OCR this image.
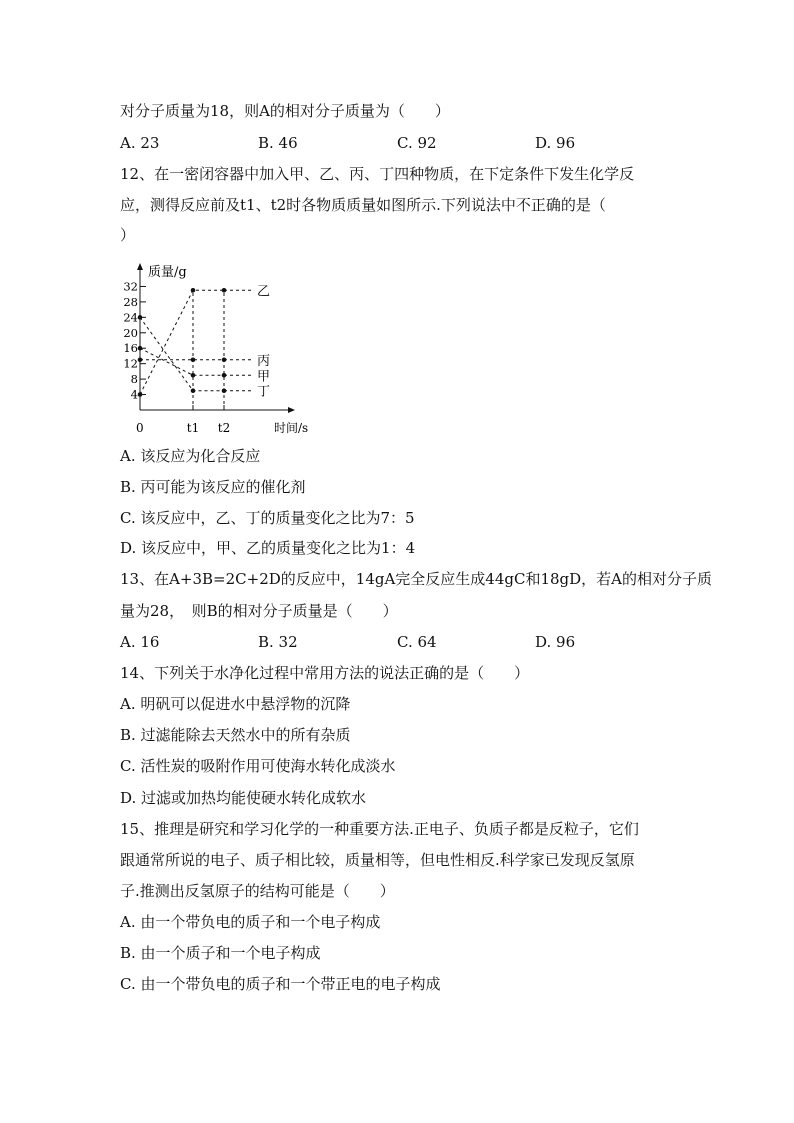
对分子质量为18，则A的相对分子质量为（　　）
A. 23	B. 46	C. 92	D. 96
12、在一密闭容器中加入甲、乙、丙、丁四种物质，在下定条件下发生化学反
应，测得反应前及t1、t2时各物质质量如图所示.下列说法中不正确的是（
）
质量/g
0	时间/s
4
8
12
16
20
24
28
32
t1 t2
乙
丙
甲
丁
A. 该反应为化合反应
B. 丙可能为该反应的催化剂
C. 该反应中，乙、丁的质量变化之比为7：5
D. 该反应中，甲、乙的质量变化之比为1：4
13、在A+3B=2C+2D的反应中，14gA完全反应生成44gC和18gD，若A的相对分子质
量为28，　则B的相对分子质量是（　　）
A. 16	B. 32	C. 64	D. 96
14、下列关于水净化过程中常用方法的说法正确的是（　　）
A. 明矾可以促进水中悬浮物的沉降
B. 过滤能除去天然水中的所有杂质
C. 活性炭的吸附作用可使海水转化成淡水
D. 过滤或加热均能使硬水转化成软水
15、推理是研究和学习化学的一种重要方法.正电子、负质子都是反粒子，它们
跟通常所说的电子、质子相比较，质量相等，但电性相反.科学家已发现反氢原
子.推测出反氢原子的结构可能是（　　）
A. 由一个带负电的质子和一个电子构成
B. 由一个质子和一个电子构成
C. 由一个带负电的质子和一个带正电的电子构成
